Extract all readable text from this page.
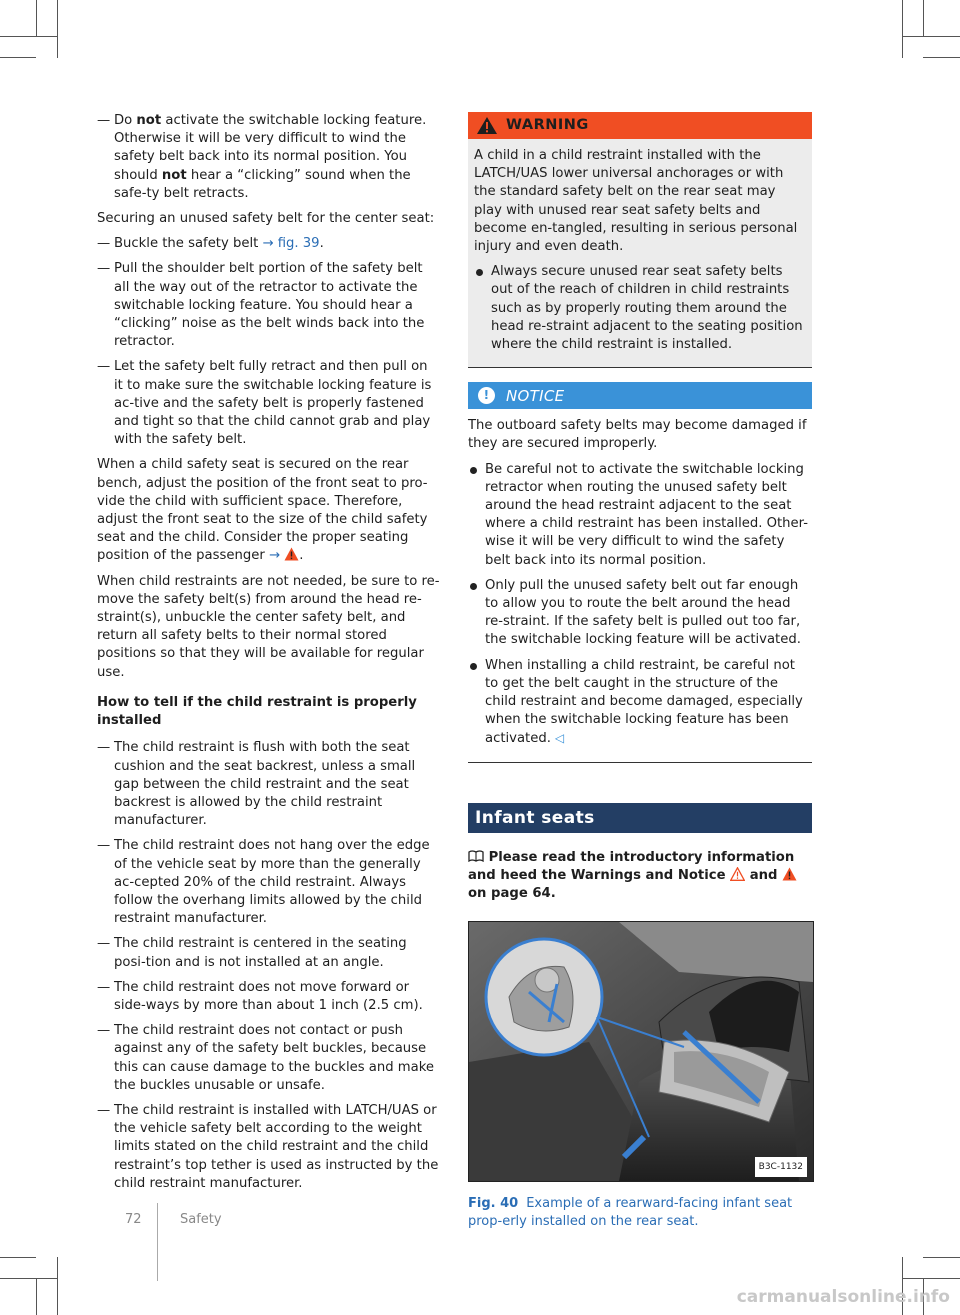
— Do not activate the switchable locking feature. Otherwise it will be very difficult to wind the safety belt back into its normal position. You should not hear a “clicking” sound when the safe-ty belt retracts.

Securing an unused safety belt for the center seat:

— Buckle the safety belt → fig. 39.
— Pull the shoulder belt portion of the safety belt all the way out of the retractor to activate the switchable locking feature. You should hear a “clicking” noise as the belt winds back into the retractor.
— Let the safety belt fully retract and then pull on it to make sure the switchable locking feature is ac-tive and the safety belt is properly fastened and tight so that the child cannot grab and play with the safety belt.

When a child safety seat is secured on the rear bench, adjust the position of the front seat to pro-vide the child with sufficient space. Therefore, adjust the front seat to the size of the child safety seat and the child. Consider the proper seating position of the passenger → .

When child restraints are not needed, be sure to re-move the safety belt(s) from around the head re-straint(s), unbuckle the center safety belt, and return all safety belts to their normal stored positions so that they will be available for regular use.

How to tell if the child restraint is properly installed
— The child restraint is flush with both the seat cushion and the seat backrest, unless a small gap between the child restraint and the seat backrest is allowed by the child restraint manufacturer.
— The child restraint does not hang over the edge of the vehicle seat by more than the generally ac-cepted 20% of the child restraint. Always follow the overhang limits allowed by the child restraint manufacturer.
— The child restraint is centered in the seating posi-tion and is not installed at an angle.
— The child restraint does not move forward or side-ways by more than about 1 inch (2.5 cm).
— The child restraint does not contact or push against any of the safety belt buckles, because this can cause damage to the buckles and make the buckles unusable or unsafe.
— The child restraint is installed with LATCH/UAS or the vehicle safety belt according to the weight limits stated on the child restraint and the child restraint’s top tether is used as instructed by the child restraint manufacturer.
WARNING

A child in a child restraint installed with the LATCH/UAS lower universal anchorages or with the standard safety belt on the rear seat may play with unused rear seat safety belts and become en-tangled, resulting in serious personal injury and even death.

Always secure unused rear seat safety belts out of the reach of children in child restraints such as by properly routing them around the head re-straint adjacent to the seating position where the child restraint is installed.
!	NOTICE

The outboard safety belts may become damaged if they are secured improperly.

Be careful not to activate the switchable locking retractor when routing the unused safety belt around the head restraint adjacent to the seat where a child restraint has been installed. Other-wise it will be very difficult to wind the safety belt back into its normal position.
Only pull the unused safety belt out far enough to allow you to route the belt around the head re-straint. If the safety belt is pulled out too far, the switchable locking feature will be activated.
When installing a child restraint, be careful not to get the belt caught in the structure of the child restraint and become damaged, especially when the switchable locking feature has been activated. ◁
Infant seats
Please read the introductory information and heed the Warnings and Notice  and  on page 64.
B3C-1132
Fig. 40 Example of a rearward-facing infant seat prop-erly installed on the rear seat.
72	Safety
carmanualsonline.info
